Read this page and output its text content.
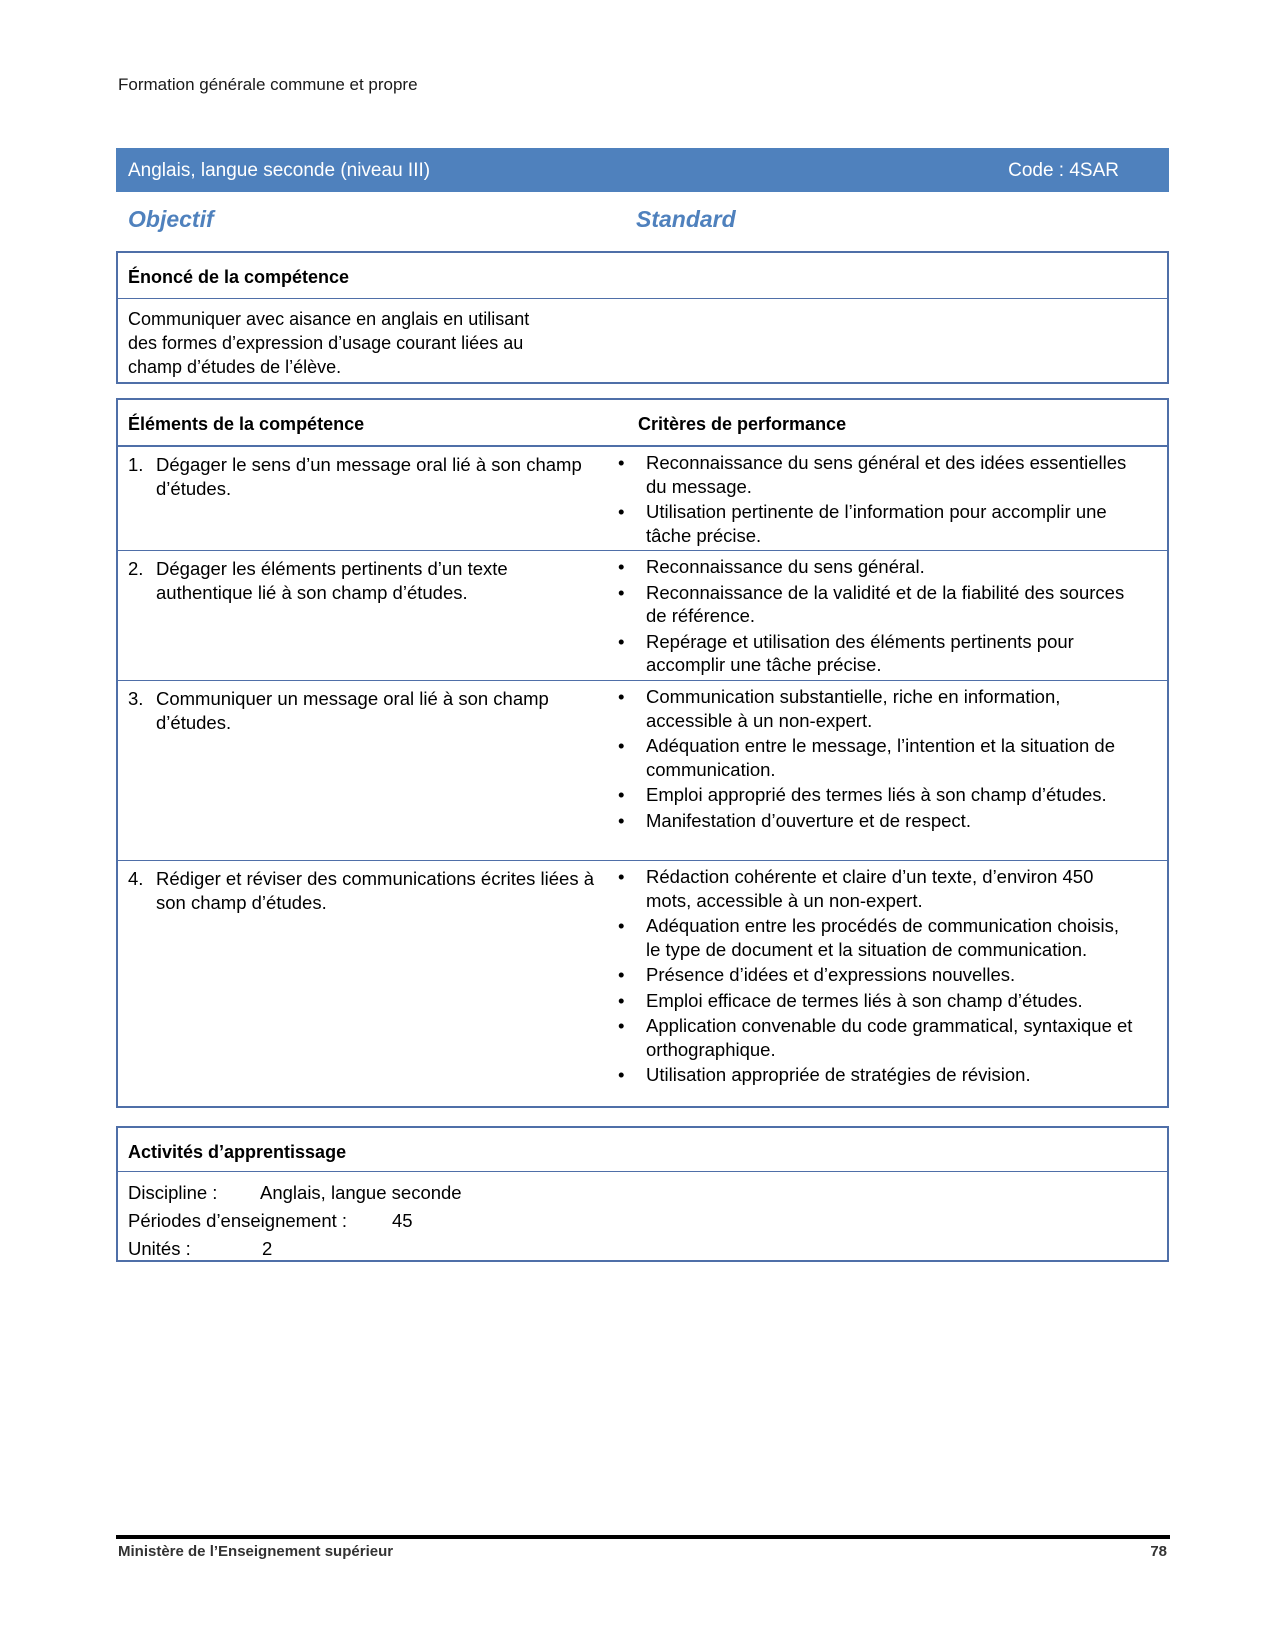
Formation générale commune et propre
Anglais, langue seconde (niveau III)	Code : 4SAR
Objectif	Standard
Énoncé de la compétence
Communiquer avec aisance en anglais en utilisant
des formes d’expression d’usage courant liées au
champ d’études de l’élève.
Éléments de la compétence	Critères de performance
1. Dégager le sens d’un message oral lié à son champ d’études.
• Reconnaissance du sens général et des idées essentielles du message.
• Utilisation pertinente de l’information pour accomplir une tâche précise.
2. Dégager les éléments pertinents d’un texte authentique lié à son champ d’études.
• Reconnaissance du sens général.
• Reconnaissance de la validité et de la fiabilité des sources de référence.
• Repérage et utilisation des éléments pertinents pour accomplir une tâche précise.
3. Communiquer un message oral lié à son champ d’études.
• Communication substantielle, riche en information, accessible à un non-expert.
• Adéquation entre le message, l’intention et la situation de communication.
• Emploi approprié des termes liés à son champ d’études.
• Manifestation d’ouverture et de respect.
4. Rédiger et réviser des communications écrites liées à son champ d’études.
• Rédaction cohérente et claire d’un texte, d’environ 450 mots, accessible à un non-expert.
• Adéquation entre les procédés de communication choisis, le type de document et la situation de communication.
• Présence d’idées et d’expressions nouvelles.
• Emploi efficace de termes liés à son champ d’études.
• Application convenable du code grammatical, syntaxique et orthographique.
• Utilisation appropriée de stratégies de révision.
Activités d’apprentissage
Discipline : Anglais, langue seconde
Périodes d’enseignement : 45
Unités :	2
Ministère de l’Enseignement supérieur	78
